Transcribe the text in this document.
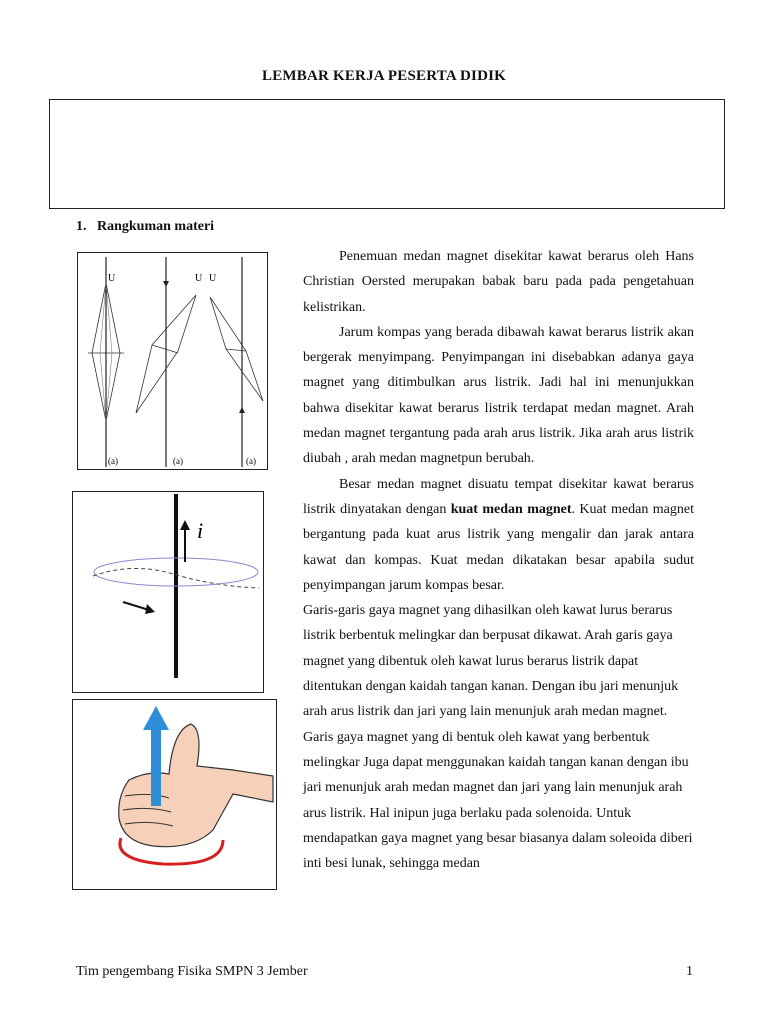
LEMBAR KERJA PESERTA DIDIK
1. Rangkuman materi
U	U U
(a)	(a)	(a)
i

Penemuan medan magnet disekitar kawat berarus oleh Hans Christian Oersted merupakan babak baru pada pada pengetahuan kelistrikan.

Jarum kompas yang berada dibawah kawat berarus listrik akan bergerak menyimpang. Penyimpangan ini disebabkan adanya gaya magnet yang ditimbulkan arus listrik. Jadi hal ini menunjukkan bahwa disekitar kawat berarus listrik terdapat medan magnet. Arah medan magnet tergantung pada arah arus listrik. Jika arah arus listrik diubah , arah medan magnetpun berubah.

Besar medan magnet disuatu tempat disekitar kawat berarus listrik dinyatakan dengan kuat medan magnet. Kuat medan magnet bergantung pada kuat arus listrik yang mengalir dan jarak antara kawat dan kompas. Kuat medan dikatakan besar apabila sudut penyimpangan jarum kompas besar.

Garis-garis gaya magnet yang dihasilkan oleh kawat lurus berarus listrik berbentuk melingkar dan berpusat dikawat. Arah garis gaya magnet yang dibentuk oleh kawat lurus berarus listrik dapat ditentukan dengan kaidah tangan kanan. Dengan ibu jari menunjuk arah arus listrik dan jari yang lain menunjuk arah medan magnet.

Garis gaya magnet yang di bentuk oleh kawat yang berbentuk melingkar Juga dapat menggunakan kaidah tangan kanan dengan ibu jari menunjuk arah medan magnet dan jari yang lain menunjuk arah arus listrik. Hal inipun juga berlaku pada solenoida. Untuk mendapatkan gaya magnet yang besar biasanya dalam soleoida diberi inti besi lunak, sehingga medan

Tim pengembang Fisika SMPN 3 Jember	1
